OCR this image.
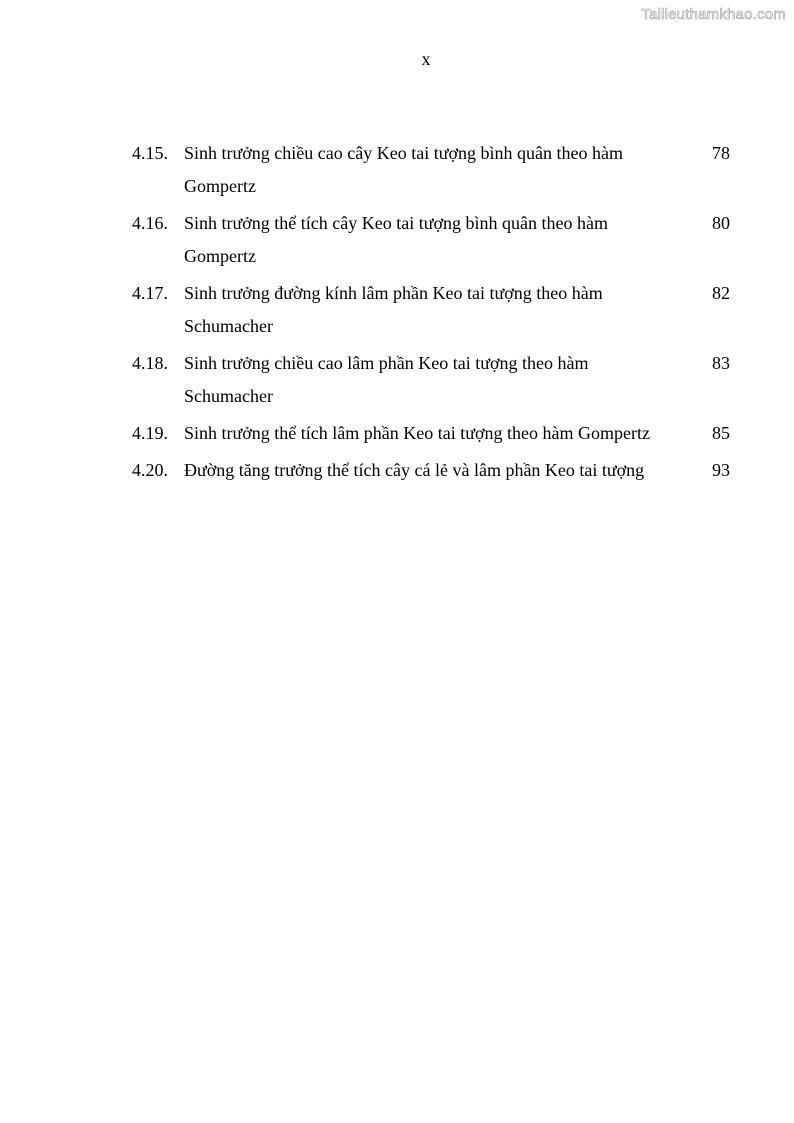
Tailieuthamkhao.com
x
4.15. Sinh trưởng chiều cao cây Keo tai tượng bình quân theo hàm Gompertz
78
4.16. Sinh trưởng thể tích cây Keo tai tượng bình quân theo hàm Gompertz
80
4.17. Sinh trưởng đường kính lâm phần Keo tai tượng theo hàm Schumacher
82
4.18. Sinh trưởng chiều cao lâm phần Keo tai tượng theo hàm Schumacher
83
4.19. Sinh trưởng thể tích lâm phần Keo tai tượng theo hàm Gompertz	85
4.20. Đường tăng trưởng thể tích cây cá lẻ và lâm phần Keo tai tượng	93
